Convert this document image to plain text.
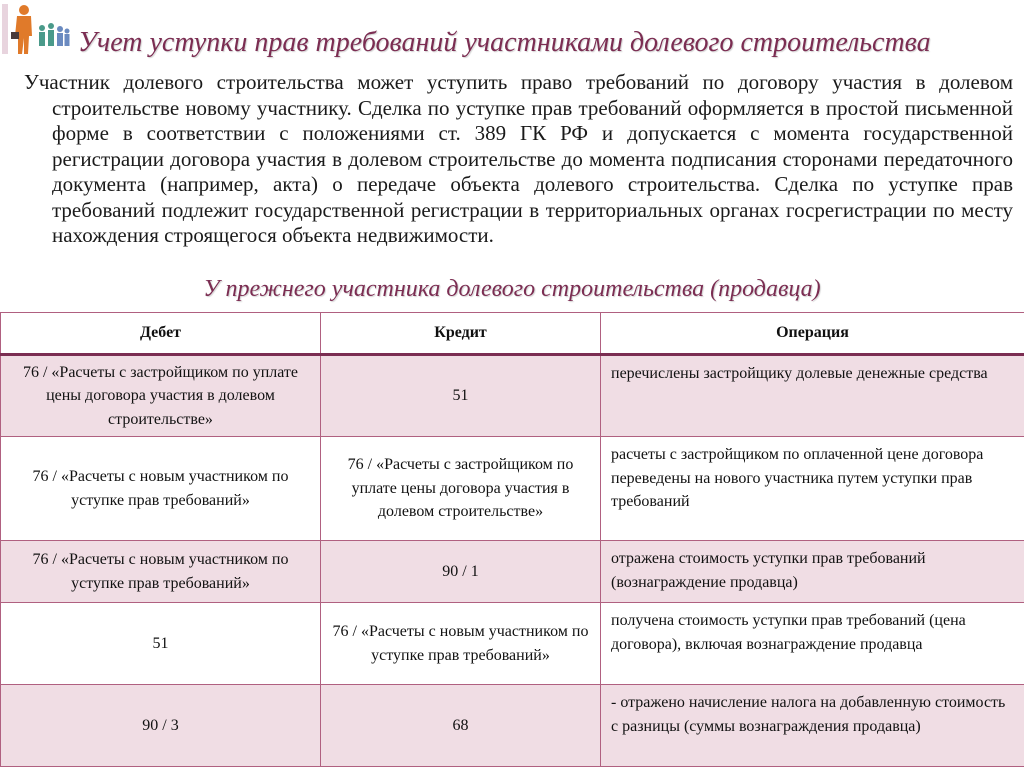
Учет уступки прав требований участниками долевого строительства

Участник долевого строительства может уступить право требований по договору участия в долевом строительстве новому участнику. Сделка по уступке прав требований оформляется в простой письменной форме в соответствии с положениями ст. 389 ГК РФ и допускается с момента государственной регистрации договора участия в долевом строительстве до момента подписания сторонами передаточного документа (например, акта) о передаче объекта долевого строительства. Сделка по уступке прав требований подлежит государственной регистрации в территориальных органах госрегистрации по месту нахождения строящегося объекта недвижимости.

У прежнего участника долевого строительства (продавца)
Дебет	Кредит	Операция
76 / «Расчеты с застройщиком по уплате цены договора участия в долевом строительстве»	51	перечислены застройщику долевые денежные средства
76 / «Расчеты с новым участником по уступке прав требований»	76 / «Расчеты с застройщиком по уплате цены договора участия в долевом строительстве»	расчеты с застройщиком по оплаченной цене договора переведены на нового участника путем уступки прав требований
76 / «Расчеты с новым участником по уступке прав требований»	90 / 1	отражена стоимость уступки прав требований (вознаграждение продавца)
51	76 / «Расчеты с новым участником по уступке прав требований»	получена стоимость уступки прав требований (цена договора), включая вознаграждение продавца
90 / 3	68	- отражено начисление налога на добавленную стоимость с разницы (суммы вознаграждения продавца)
